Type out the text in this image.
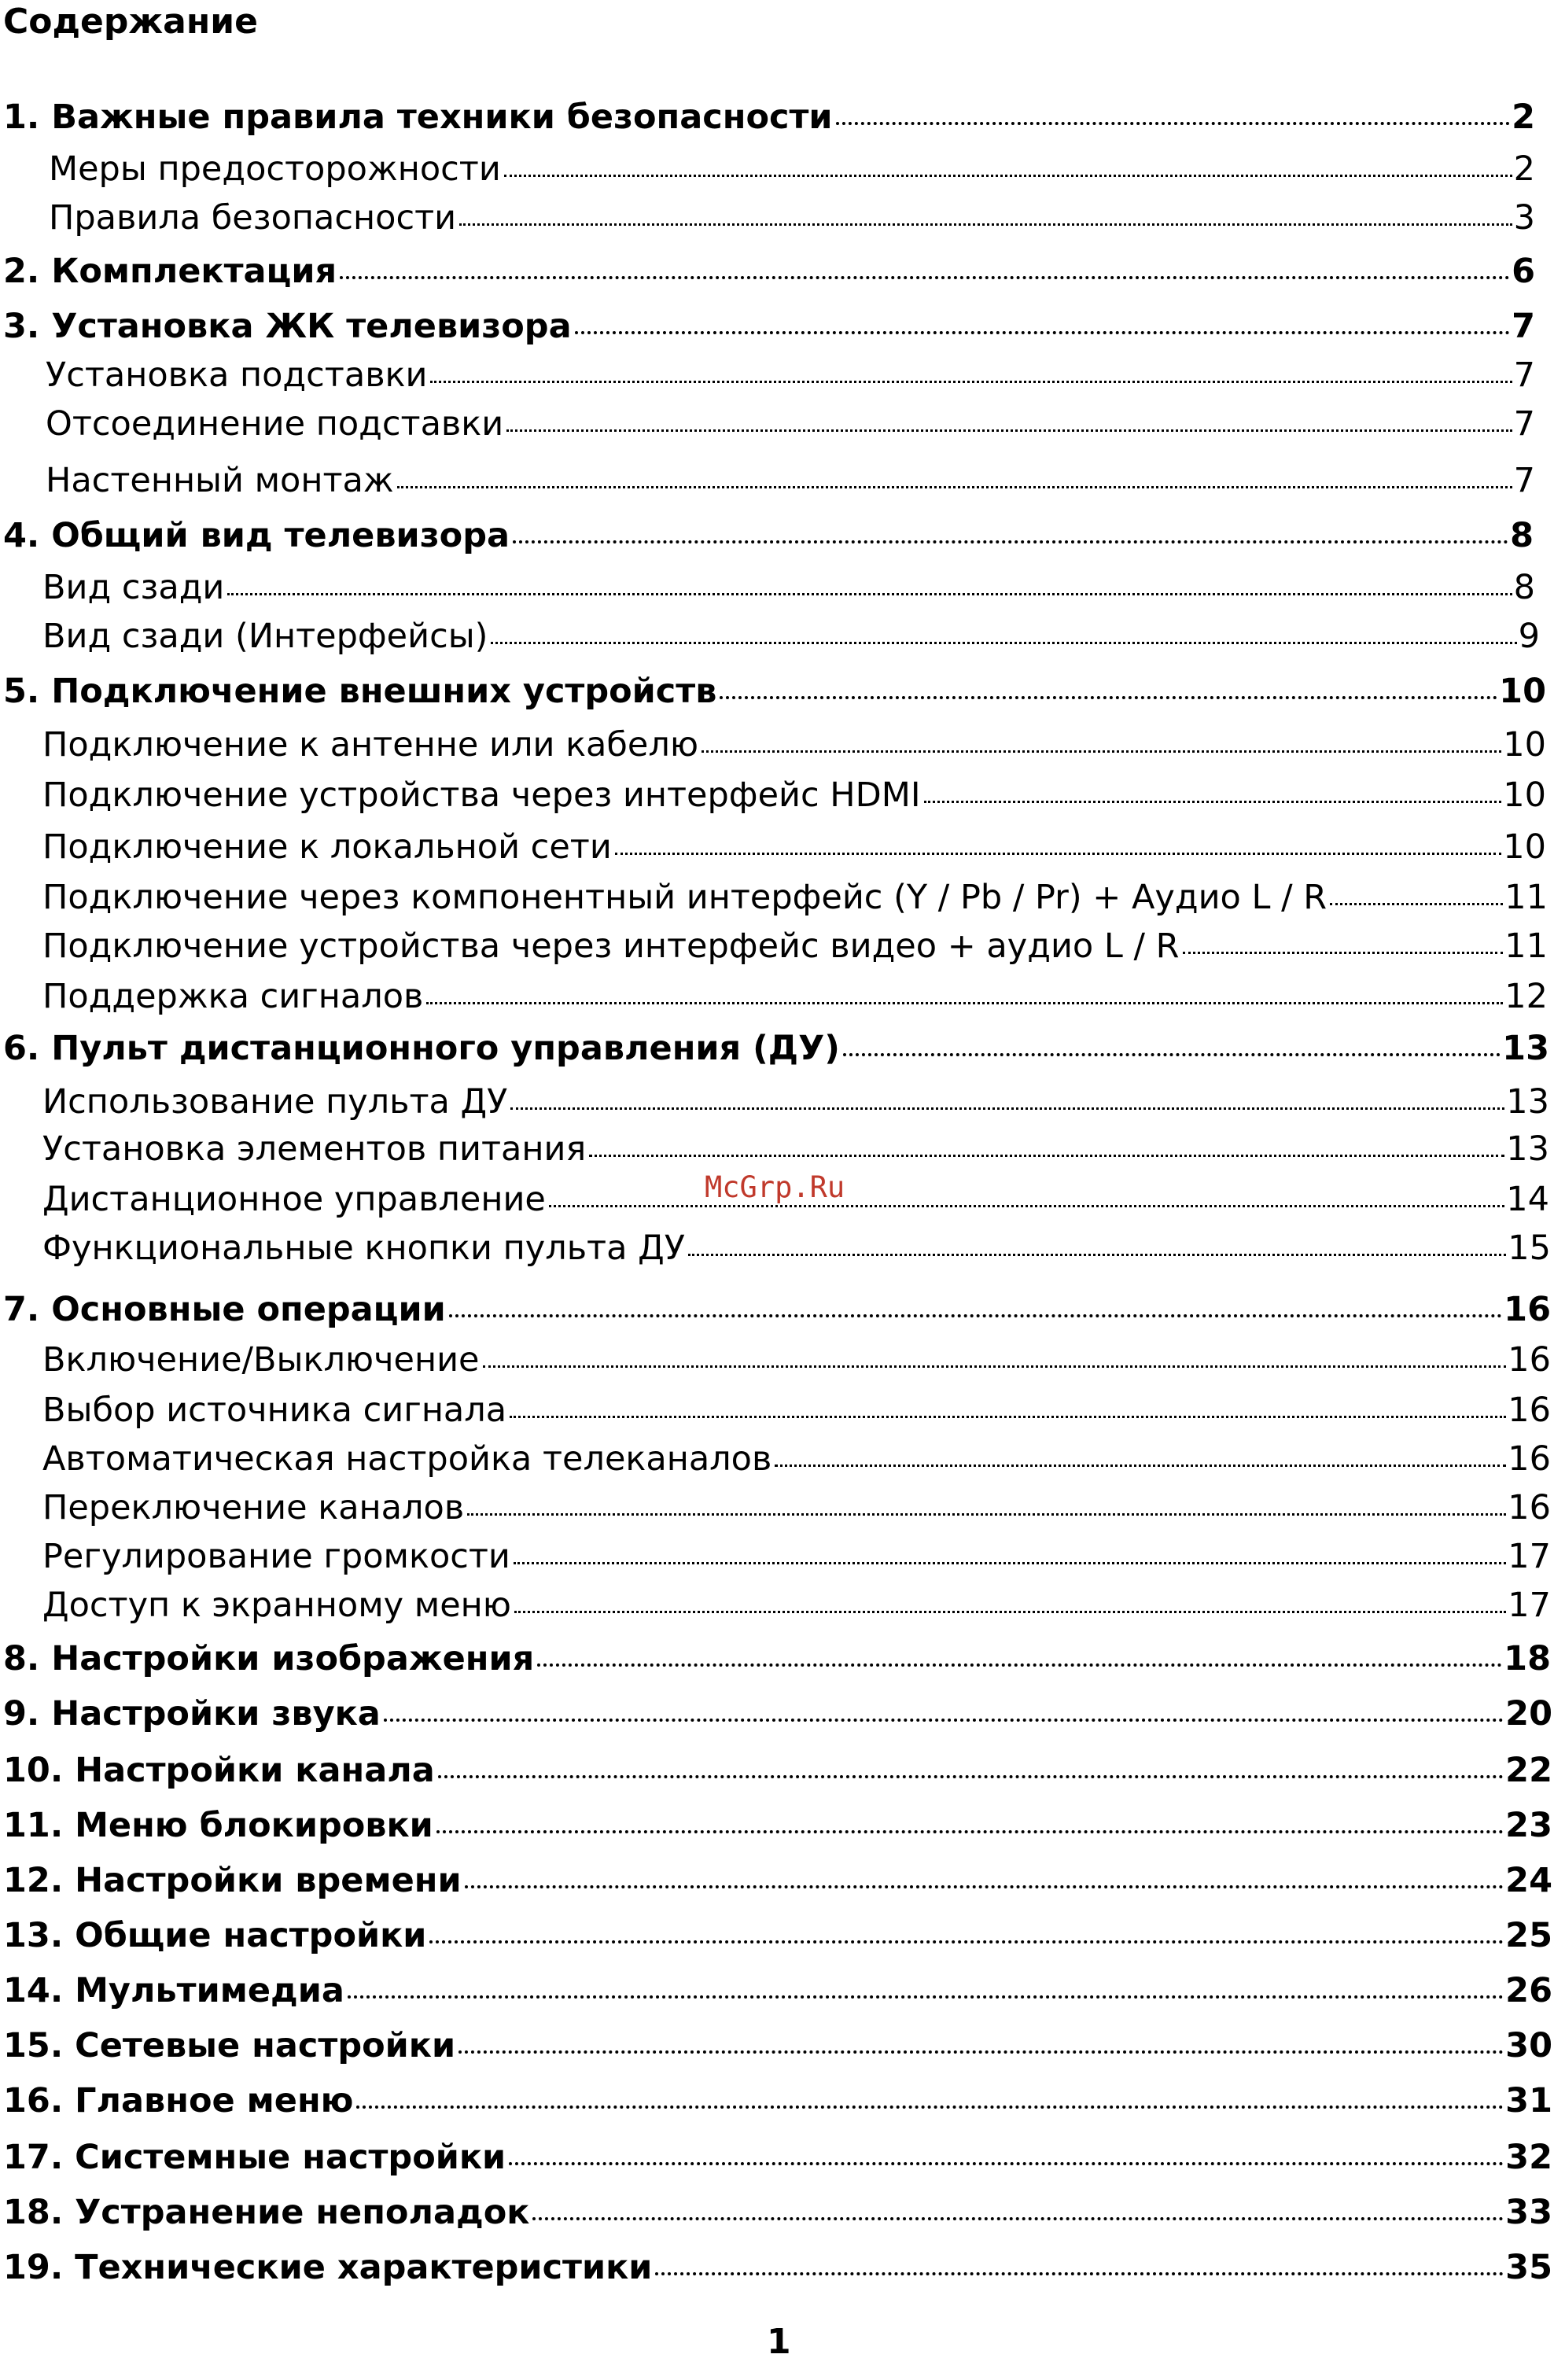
Содержание
1. Важные правила техники безопасности	2
Меры предосторожности	2
Правила безопасности	3
2. Комплектация	6
3. Установка ЖК телевизора	7
Установка подставки	7
Отсоединение подставки	7
Настенный монтаж	7
4. Общий вид телевизора	8
Вид сзади	8
Вид сзади (Интерфейсы)	9
5. Подключение внешних устройств	10
Подключение к антенне или кабелю	10
Подключение устройства через интерфейс HDMI	10
Подключение к локальной сети	10
Подключение через компонентный интерфейс (Y / Pb / Pr) + Аудио L / R	11
Подключение устройства через интерфейс видео + аудио L / R	11
Поддержка сигналов	12
6. Пульт дистанционного управления (ДУ)	13
Использование пульта ДУ	13
Установка элементов питания	13
Дистанционное управление	14
Функциональные кнопки пульта ДУ	15
7. Основные операции	16
Включение/Выключение	16
Выбор источника сигнала	16
Автоматическая настройка телеканалов	16
Переключение каналов	16
Регулирование громкости	17
Доступ к экранному меню	17
8. Настройки изображения	18
9. Настройки звука	20
10. Настройки канала	22
11. Меню блокировки	23
12. Настройки времени	24
13. Общие настройки	25
14. Мультимедиа	26
15. Сетевые настройки	30
16. Главное меню	31
17. Системные настройки	32
18. Устранение неполадок	33
19. Технические характеристики	35
McGrp.Ru
1
